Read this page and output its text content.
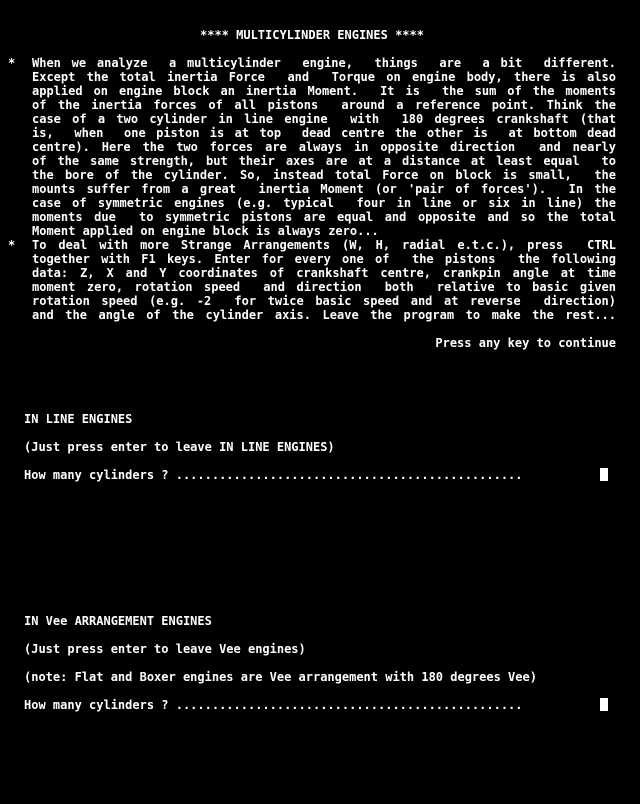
**** MULTICYLINDER ENGINES ****
* When we analyze  a multicylinder  engine,  things  are  a bit  different.
Except the total inertia Force  and  Torque on engine body, there is also
applied on engine block an inertia Moment.  It is  the sum of the moments
of the inertia forces of all pistons  around a reference point. Think the
case of a two cylinder in line engine  with  180 degrees crankshaft (that
is,  when  one piston is at top  dead centre the other is  at bottom dead
centre). Here the two forces are always in opposite direction  and nearly
of the same strength, but their axes are at a distance at least equal  to
the bore of the cylinder. So, instead total Force on block is small,  the
mounts suffer from a great  inertia Moment (or 'pair of forces').  In the
case of symmetric engines (e.g. typical  four in line or six in line) the
moments due  to symmetric pistons are equal and opposite and so the total
Moment applied on engine block is always zero...
* To deal with more Strange Arrangements (W, H, radial e.t.c.), press  CTRL
together with F1 keys. Enter for every one of  the pistons  the following
data: Z, X and Y coordinates of crankshaft centre, crankpin angle at time
moment zero, rotation speed  and direction  both  relative to basic given
rotation speed (e.g. -2  for twice basic speed and at reverse  direction)
and the angle of the cylinder axis. Leave the program to make the rest...
Press any key to continue
IN LINE ENGINES
(Just press enter to leave IN LINE ENGINES)
How many cylinders ? ................................................
IN Vee ARRANGEMENT ENGINES
(Just press enter to leave Vee engines)
(note: Flat and Boxer engines are Vee arrangement with 180 degrees Vee)
How many cylinders ? ................................................
